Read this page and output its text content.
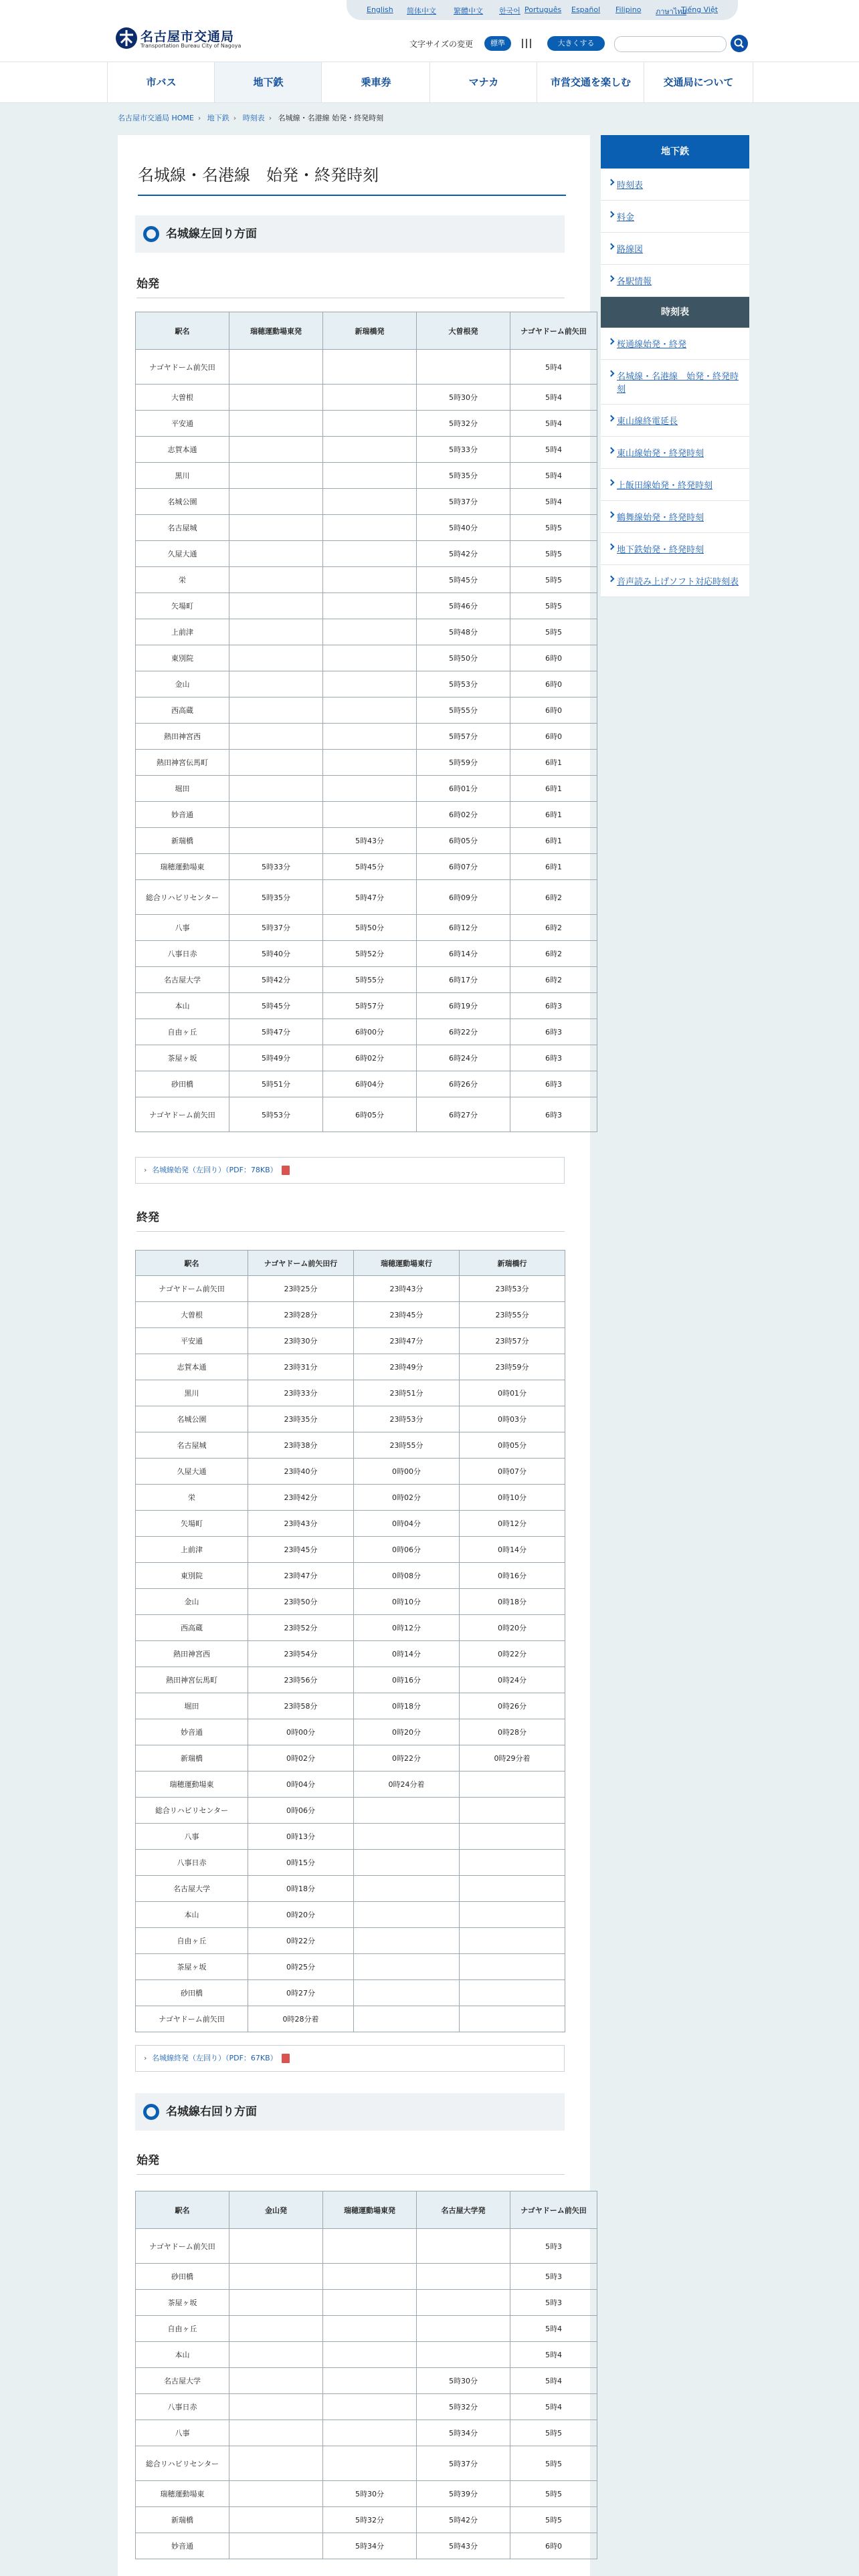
English 简体中文 繁體中文 한국어 Português Español Filipino ภาษาไทย
Tiếng Việt
名古屋市交通局
Transportation Bureau City of Nagoya	文字サイズの変更	標準	大きくする
市バス	地下鉄	乗車券	マナカ	市営交通を楽しむ	交通局について
名古屋市交通局 HOME › 地下鉄 › 時刻表 › 名城線・名港線 始発・終発時刻
名城線・名港線　始発・終発時刻
名城線左回り方面
始発
駅名	瑞穂運動場東発	新瑞橋発	大曽根発	ナゴヤドーム前矢田
ナゴヤドーム前矢田				5時4
大曽根			5時30分	5時4
平安通			5時32分	5時4
志賀本通			5時33分	5時4
黒川			5時35分	5時4
名城公園			5時37分	5時4
名古屋城			5時40分	5時5
久屋大通			5時42分	5時5
栄			5時45分	5時5
矢場町			5時46分	5時5
上前津			5時48分	5時5
東別院			5時50分	6時0
金山			5時53分	6時0
西高蔵			5時55分	6時0
熱田神宮西			5時57分	6時0
熱田神宮伝馬町			5時59分	6時1
堀田			6時01分	6時1
妙音通			6時02分	6時1
新瑞橋		5時43分	6時05分	6時1
瑞穂運動場東	5時33分	5時45分	6時07分	6時1
総合リハビリセンター	5時35分	5時47分	6時09分	6時2
八事	5時37分	5時50分	6時12分	6時2
八事日赤	5時40分	5時52分	6時14分	6時2
名古屋大学	5時42分	5時55分	6時17分	6時2
本山	5時45分	5時57分	6時19分	6時3
自由ヶ丘	5時47分	6時00分	6時22分	6時3
茶屋ヶ坂	5時49分	6時02分	6時24分	6時3
砂田橋	5時51分	6時04分	6時26分	6時3
ナゴヤドーム前矢田	5時53分	6時05分	6時27分	6時3
› 名城線始発（左回り）（PDF：78KB）
終発
駅名	ナゴヤドーム前矢田行	瑞穂運動場東行	新瑞橋行
ナゴヤドーム前矢田	23時25分	23時43分	23時53分
大曽根	23時28分	23時45分	23時55分
平安通	23時30分	23時47分	23時57分
志賀本通	23時31分	23時49分	23時59分
黒川	23時33分	23時51分	0時01分
名城公園	23時35分	23時53分	0時03分
名古屋城	23時38分	23時55分	0時05分
久屋大通	23時40分	0時00分	0時07分
栄	23時42分	0時02分	0時10分
矢場町	23時43分	0時04分	0時12分
上前津	23時45分	0時06分	0時14分
東別院	23時47分	0時08分	0時16分
金山	23時50分	0時10分	0時18分
西高蔵	23時52分	0時12分	0時20分
熱田神宮西	23時54分	0時14分	0時22分
熱田神宮伝馬町	23時56分	0時16分	0時24分
堀田	23時58分	0時18分	0時26分
妙音通	0時00分	0時20分	0時28分
新瑞橋	0時02分	0時22分	0時29分着
瑞穂運動場東	0時04分	0時24分着	
総合リハビリセンター	0時06分		
八事	0時13分		
八事日赤	0時15分		
名古屋大学	0時18分		
本山	0時20分		
自由ヶ丘	0時22分		
茶屋ヶ坂	0時25分		
砂田橋	0時27分		
ナゴヤドーム前矢田	0時28分着		
› 名城線終発（左回り）（PDF：67KB）
名城線右回り方面
始発
駅名	金山発	瑞穂運動場東発	名古屋大学発	ナゴヤドーム前矢田
ナゴヤドーム前矢田				5時3
砂田橋				5時3
茶屋ヶ坂				5時3
自由ヶ丘				5時4
本山				5時4
名古屋大学			5時30分	5時4
八事日赤			5時32分	5時4
八事			5時34分	5時5
総合リハビリセンター			5時37分	5時5
瑞穂運動場東		5時30分	5時39分	5時5
新瑞橋		5時32分	5時42分	5時5
妙音通		5時34分	5時43分	6時0
地下鉄
時刻表
料金
路線図
各駅情報
時刻表
桜通線始発・終発
名城線・名港線　始発・終発時刻
東山線終電延長
東山線始発・終発時刻
上飯田線始発・終発時刻
鶴舞線始発・終発時刻
地下鉄始発・終発時刻
音声読み上げソフト対応時刻表
